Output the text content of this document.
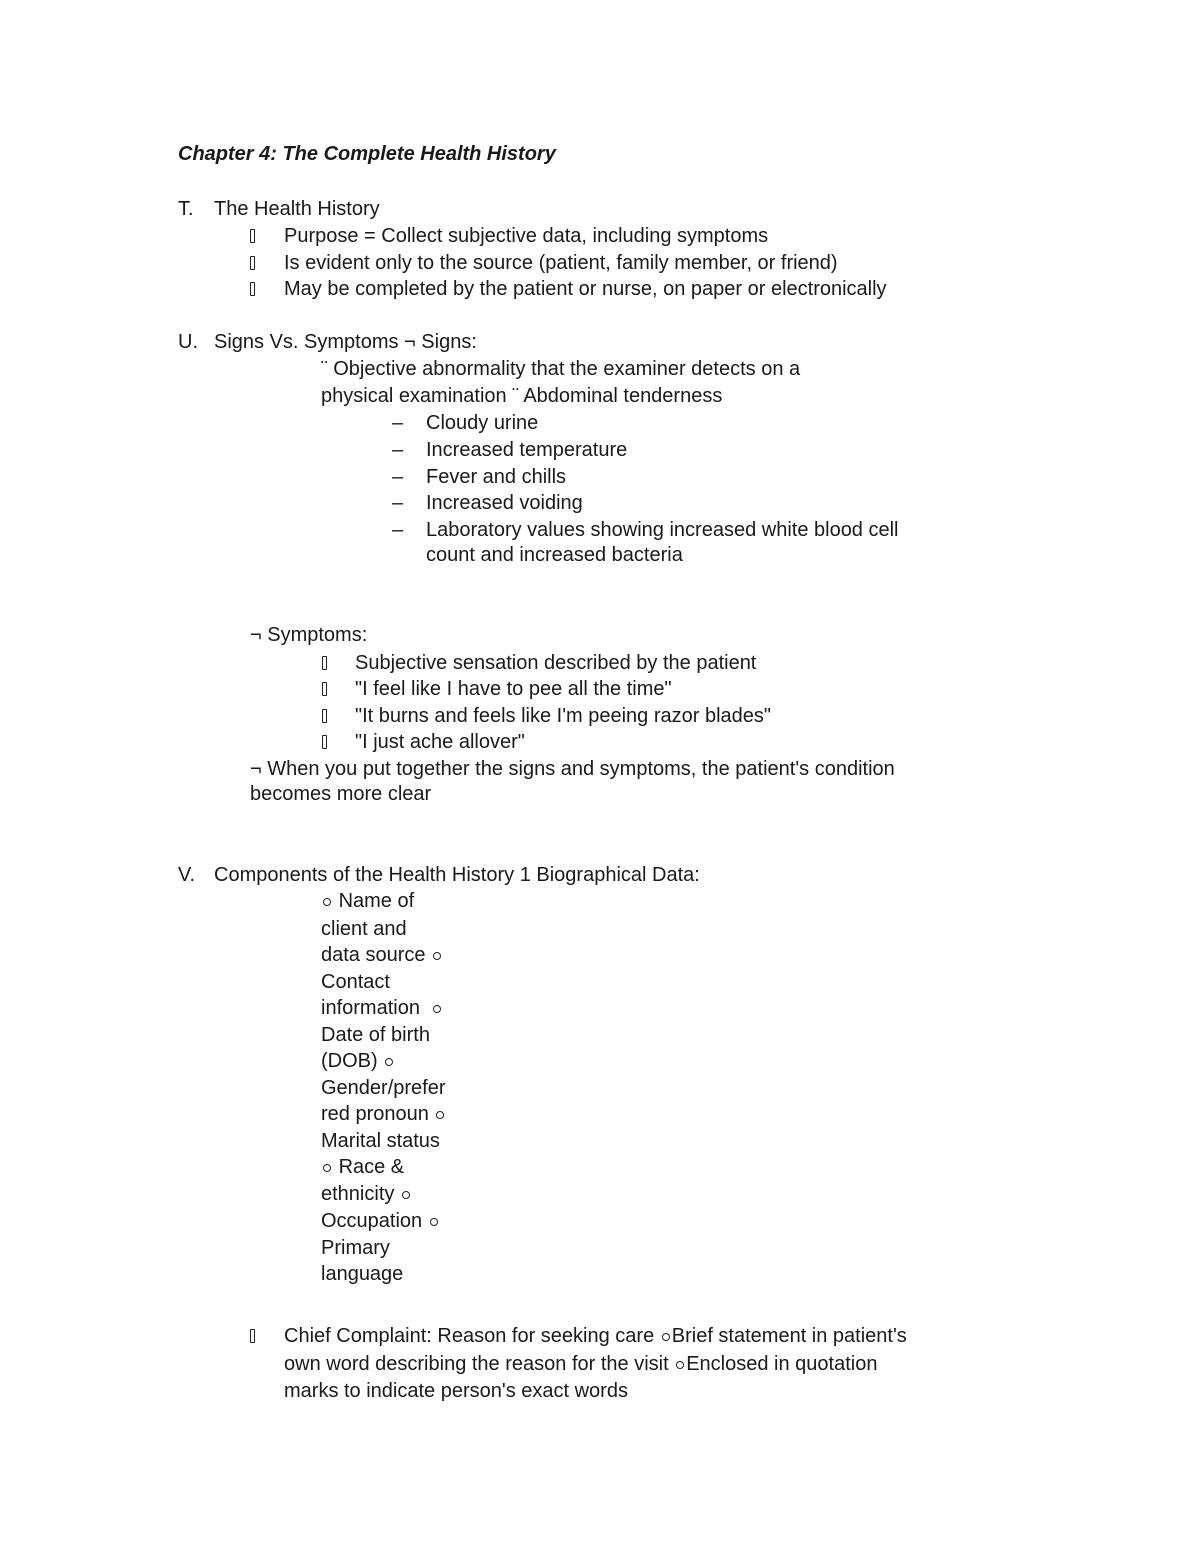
Chapter 4: The Complete Health History
T. The Health History
Purpose = Collect subjective data, including symptoms
Is evident only to the source (patient, family member, or friend)
May be completed by the patient or nurse, on paper or electronically
U. Signs Vs. Symptoms ¬ Signs:
¨ Objective abnormality that the examiner detects on a
physical examination ¨ Abdominal tenderness
– Cloudy urine
– Increased temperature
– Fever and chills
– Increased voiding
– Laboratory values showing increased white blood cell
count and increased bacteria
¬ Symptoms:
Subjective sensation described by the patient
"I feel like I have to pee all the time"
"It burns and feels like I'm peeing razor blades"
"I just ache allover"
¬ When you put together the signs and symptoms, the patient's condition
becomes more clear
V. Components of the Health History 1 Biographical Data:
Name of
client and
data source
Contact
information
Date of birth
(DOB)
Gender/prefer
red pronoun
Marital status
Race &
ethnicity
Occupation
Primary
language
Chief Complaint: Reason for seeking care Brief statement in patient's
own word describing the reason for the visit Enclosed in quotation
marks to indicate person's exact words
